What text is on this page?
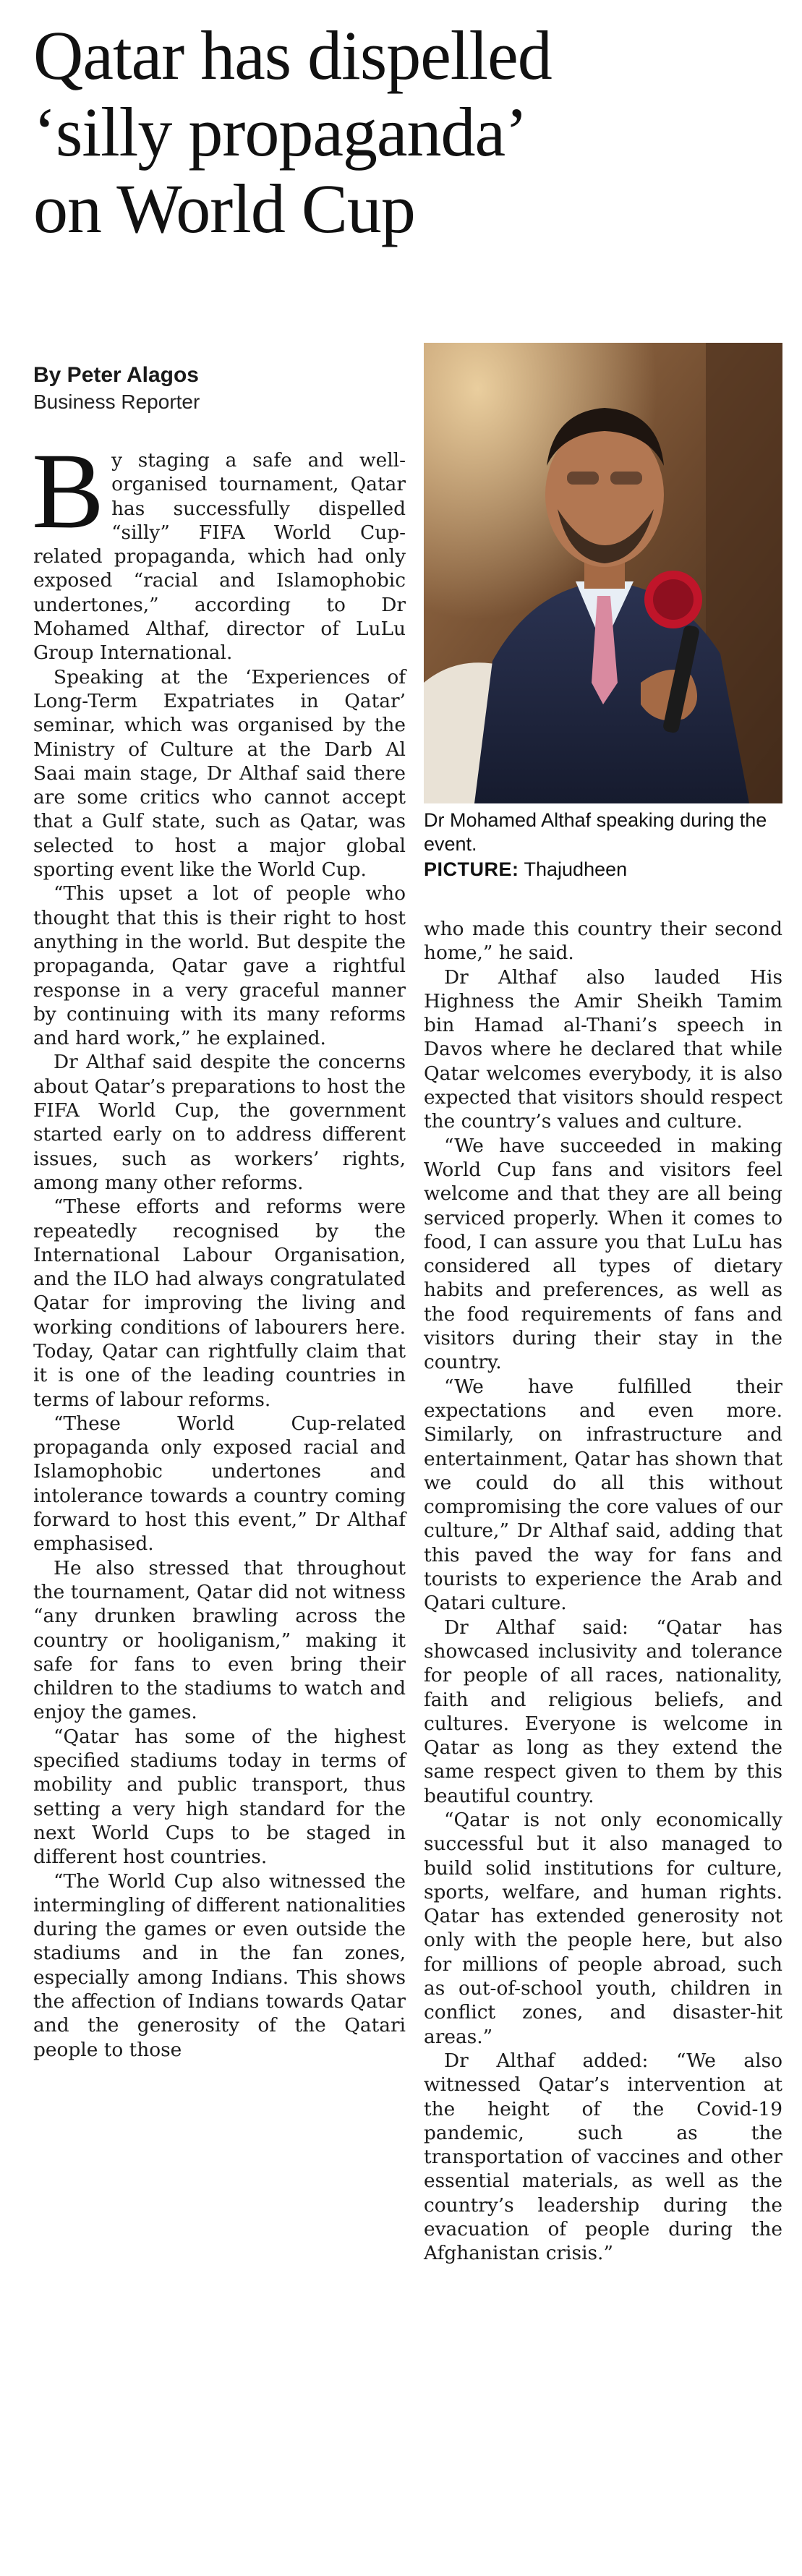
Qatar has dispelled
‘silly propaganda’
on World Cup
By Peter Alagos
Business Reporter
Dr Mohamed Althaf speaking during the event.
PICTURE: Thajudheen

By staging a safe and well-organised tournament, Qatar has successfully dispelled “silly” FIFA World Cup-related propaganda, which had only exposed “racial and Islamophobic undertones,” according to Dr Mohamed Althaf, director of LuLu Group International.

Speaking at the ‘Experiences of Long-Term Expatriates in Qatar’ seminar, which was organised by the Ministry of Culture at the Darb Al Saai main stage, Dr Althaf said there are some critics who cannot accept that a Gulf state, such as Qatar, was selected to host a major global sporting event like the World Cup.

“This upset a lot of people who thought that this is their right to host anything in the world. But despite the propaganda, Qatar gave a rightful response in a very graceful manner by continuing with its many reforms and hard work,” he explained.

Dr Althaf said despite the concerns about Qatar’s preparations to host the FIFA World Cup, the government started early on to address different issues, such as workers’ rights, among many other reforms.

“These efforts and reforms were repeatedly recognised by the International Labour Organisation, and the ILO had always congratulated Qatar for improving the living and working conditions of labourers here. Today, Qatar can rightfully claim that it is one of the leading countries in terms of labour reforms.

“These World Cup-related propaganda only exposed racial and Islamophobic undertones and intolerance towards a country coming forward to host this event,” Dr Althaf emphasised.

He also stressed that throughout the tournament, Qatar did not witness “any drunken brawling across the country or hooliganism,” making it safe for fans to even bring their children to the stadiums to watch and enjoy the games.

“Qatar has some of the highest specified stadiums today in terms of mobility and public transport, thus setting a very high standard for the next World Cups to be staged in different host countries.

“The World Cup also witnessed the intermingling of different nationalities during the games or even outside the stadiums and in the fan zones, especially among Indians. This shows the affection of Indians towards Qatar and the generosity of the Qatari people to those

who made this country their second home,” he said.

Dr Althaf also lauded His Highness the Amir Sheikh Tamim bin Hamad al-Thani’s speech in Davos where he declared that while Qatar welcomes everybody, it is also expected that visitors should respect the country’s values and culture.

“We have succeeded in making World Cup fans and visitors feel welcome and that they are all being serviced properly. When it comes to food, I can assure you that LuLu has considered all types of dietary habits and preferences, as well as the food requirements of fans and visitors during their stay in the country.

“We have fulfilled their expectations and even more. Similarly, on infrastructure and entertainment, Qatar has shown that we could do all this without compromising the core values of our culture,” Dr Althaf said, adding that this paved the way for fans and tourists to experience the Arab and Qatari culture.

Dr Althaf said: “Qatar has showcased inclusivity and tolerance for people of all races, nationality, faith and religious beliefs, and cultures. Everyone is welcome in Qatar as long as they extend the same respect given to them by this beautiful country.

“Qatar is not only economically successful but it also managed to build solid institutions for culture, sports, welfare, and human rights. Qatar has extended generosity not only with the people here, but also for millions of people abroad, such as out-of-school youth, children in conflict zones, and disaster-hit areas.”

Dr Althaf added: “We also witnessed Qatar’s intervention at the height of the Covid-19 pandemic, such as the transportation of vaccines and other essential materials, as well as the country’s leadership during the evacuation of people during the Afghanistan crisis.”
